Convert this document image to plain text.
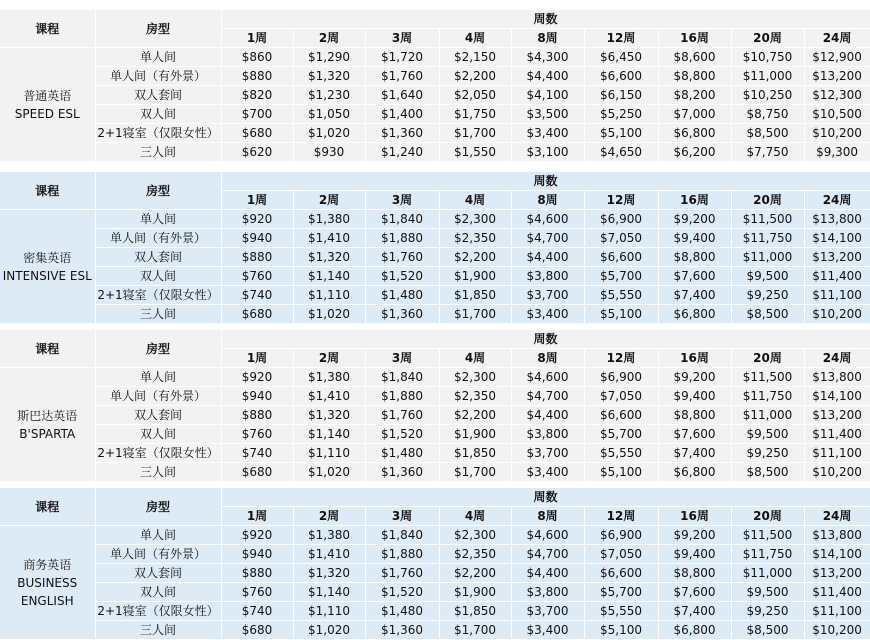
课程	房型	周数								
		1周	2周	3周	4周	8周	12周	16周	20周	24周

普通英语
SPEED ESL	单人间	$860	$1,290	$1,720	$2,150	$4,300	$6,450	$8,600	$10,750	$12,900
	单人间（有外景）	$880	$1,320	$1,760	$2,200	$4,400	$6,600	$8,800	$11,000	$13,200
	双人套间	$820	$1,230	$1,640	$2,050	$4,100	$6,150	$8,200	$10,250	$12,300
	双人间	$700	$1,050	$1,400	$1,750	$3,500	$5,250	$7,000	$8,750	$10,500
	2+1寝室（仅限女性）	$680	$1,020	$1,360	$1,700	$3,400	$5,100	$6,800	$8,500	$10,200
	三人间	$620	$930	$1,240	$1,550	$3,100	$4,650	$6,200	$7,750	$9,300
课程	房型	周数								
		1周	2周	3周	4周	8周	12周	16周	20周	24周

密集英语
INTENSIVE ESL	单人间	$920	$1,380	$1,840	$2,300	$4,600	$6,900	$9,200	$11,500	$13,800
	单人间（有外景）	$940	$1,410	$1,880	$2,350	$4,700	$7,050	$9,400	$11,750	$14,100
	双人套间	$880	$1,320	$1,760	$2,200	$4,400	$6,600	$8,800	$11,000	$13,200
	双人间	$760	$1,140	$1,520	$1,900	$3,800	$5,700	$7,600	$9,500	$11,400
	2+1寝室（仅限女性）	$740	$1,110	$1,480	$1,850	$3,700	$5,550	$7,400	$9,250	$11,100
	三人间	$680	$1,020	$1,360	$1,700	$3,400	$5,100	$6,800	$8,500	$10,200
课程	房型	周数								
		1周	2周	3周	4周	8周	12周	16周	20周	24周

斯巴达英语
B'SPARTA	单人间	$920	$1,380	$1,840	$2,300	$4,600	$6,900	$9,200	$11,500	$13,800
	单人间（有外景）	$940	$1,410	$1,880	$2,350	$4,700	$7,050	$9,400	$11,750	$14,100
	双人套间	$880	$1,320	$1,760	$2,200	$4,400	$6,600	$8,800	$11,000	$13,200
	双人间	$760	$1,140	$1,520	$1,900	$3,800	$5,700	$7,600	$9,500	$11,400
	2+1寝室（仅限女性）	$740	$1,110	$1,480	$1,850	$3,700	$5,550	$7,400	$9,250	$11,100
	三人间	$680	$1,020	$1,360	$1,700	$3,400	$5,100	$6,800	$8,500	$10,200
课程	房型	周数								
		1周	2周	3周	4周	8周	12周	16周	20周	24周

商务英语
BUSINESS
ENGLISH	单人间	$920	$1,380	$1,840	$2,300	$4,600	$6,900	$9,200	$11,500	$13,800
	单人间（有外景）	$940	$1,410	$1,880	$2,350	$4,700	$7,050	$9,400	$11,750	$14,100
	双人套间	$880	$1,320	$1,760	$2,200	$4,400	$6,600	$8,800	$11,000	$13,200
	双人间	$760	$1,140	$1,520	$1,900	$3,800	$5,700	$7,600	$9,500	$11,400
	2+1寝室（仅限女性）	$740	$1,110	$1,480	$1,850	$3,700	$5,550	$7,400	$9,250	$11,100
	三人间	$680	$1,020	$1,360	$1,700	$3,400	$5,100	$6,800	$8,500	$10,200
